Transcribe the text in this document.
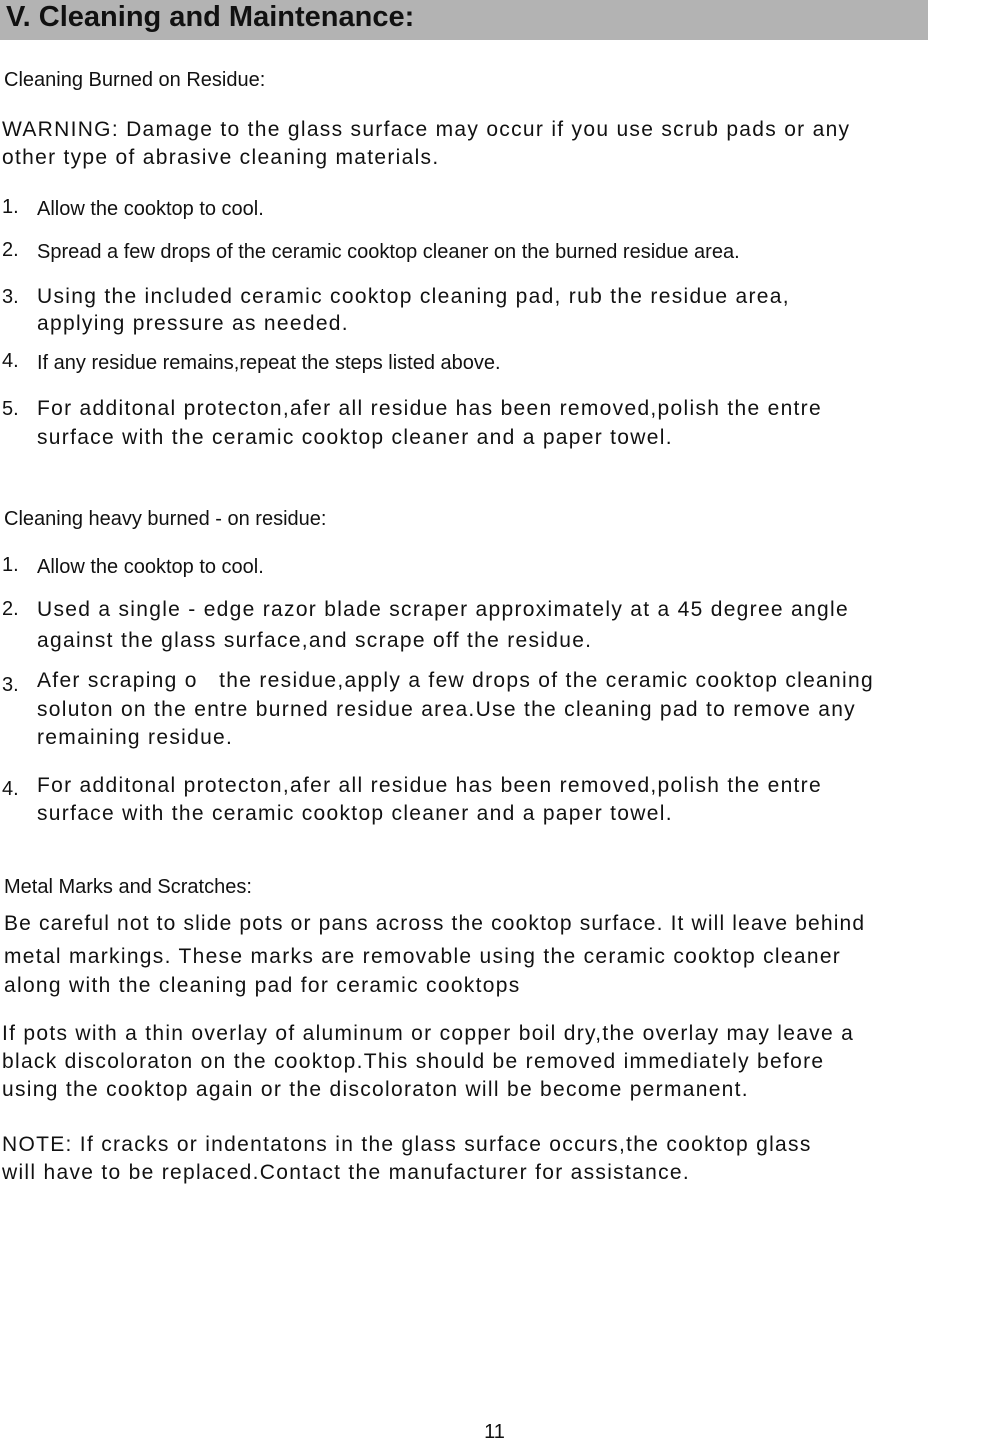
V. Cleaning and Maintenance:
Cleaning Burned on Residue:
WARNING: Damage to the glass surface may occur if you use scrub pads or any
other type of abrasive cleaning materials.
1. Allow the cooktop to cool.
2. Spread a few drops of the ceramic cooktop cleaner on the burned residue area.
3. Using the included ceramic cooktop cleaning pad, rub the residue area,
applying pressure as needed.
4. If any residue remains,repeat the steps listed above.
5. For additonal protecton,afer all residue has been removed,polish the entre
surface with the ceramic cooktop cleaner and a paper towel.
Cleaning heavy burned - on residue:
1. Allow the cooktop to cool.
2. Used a single - edge razor blade scraper approximately at a 45 degree angle
against the glass surface,and scrape off the residue.
3. Afer scraping o   the residue,apply a few drops of the ceramic cooktop cleaning
soluton on the entre burned residue area.Use the cleaning pad to remove any
remaining residue.
4. For additonal protecton,afer all residue has been removed,polish the entre
surface with the ceramic cooktop cleaner and a paper towel.
Metal Marks and Scratches:
Be careful not to slide pots or pans across the cooktop surface. It will leave behind
metal markings. These marks are removable using the ceramic cooktop cleaner
along with the cleaning pad for ceramic cooktops
If pots with a thin overlay of aluminum or copper boil dry,the overlay may leave a
black discoloraton on the cooktop.This should be removed immediately before
using the cooktop again or the discoloraton will be become permanent.
NOTE: If cracks or indentatons in the glass surface occurs,the cooktop glass
will have to be replaced.Contact the manufacturer for assistance.
11
